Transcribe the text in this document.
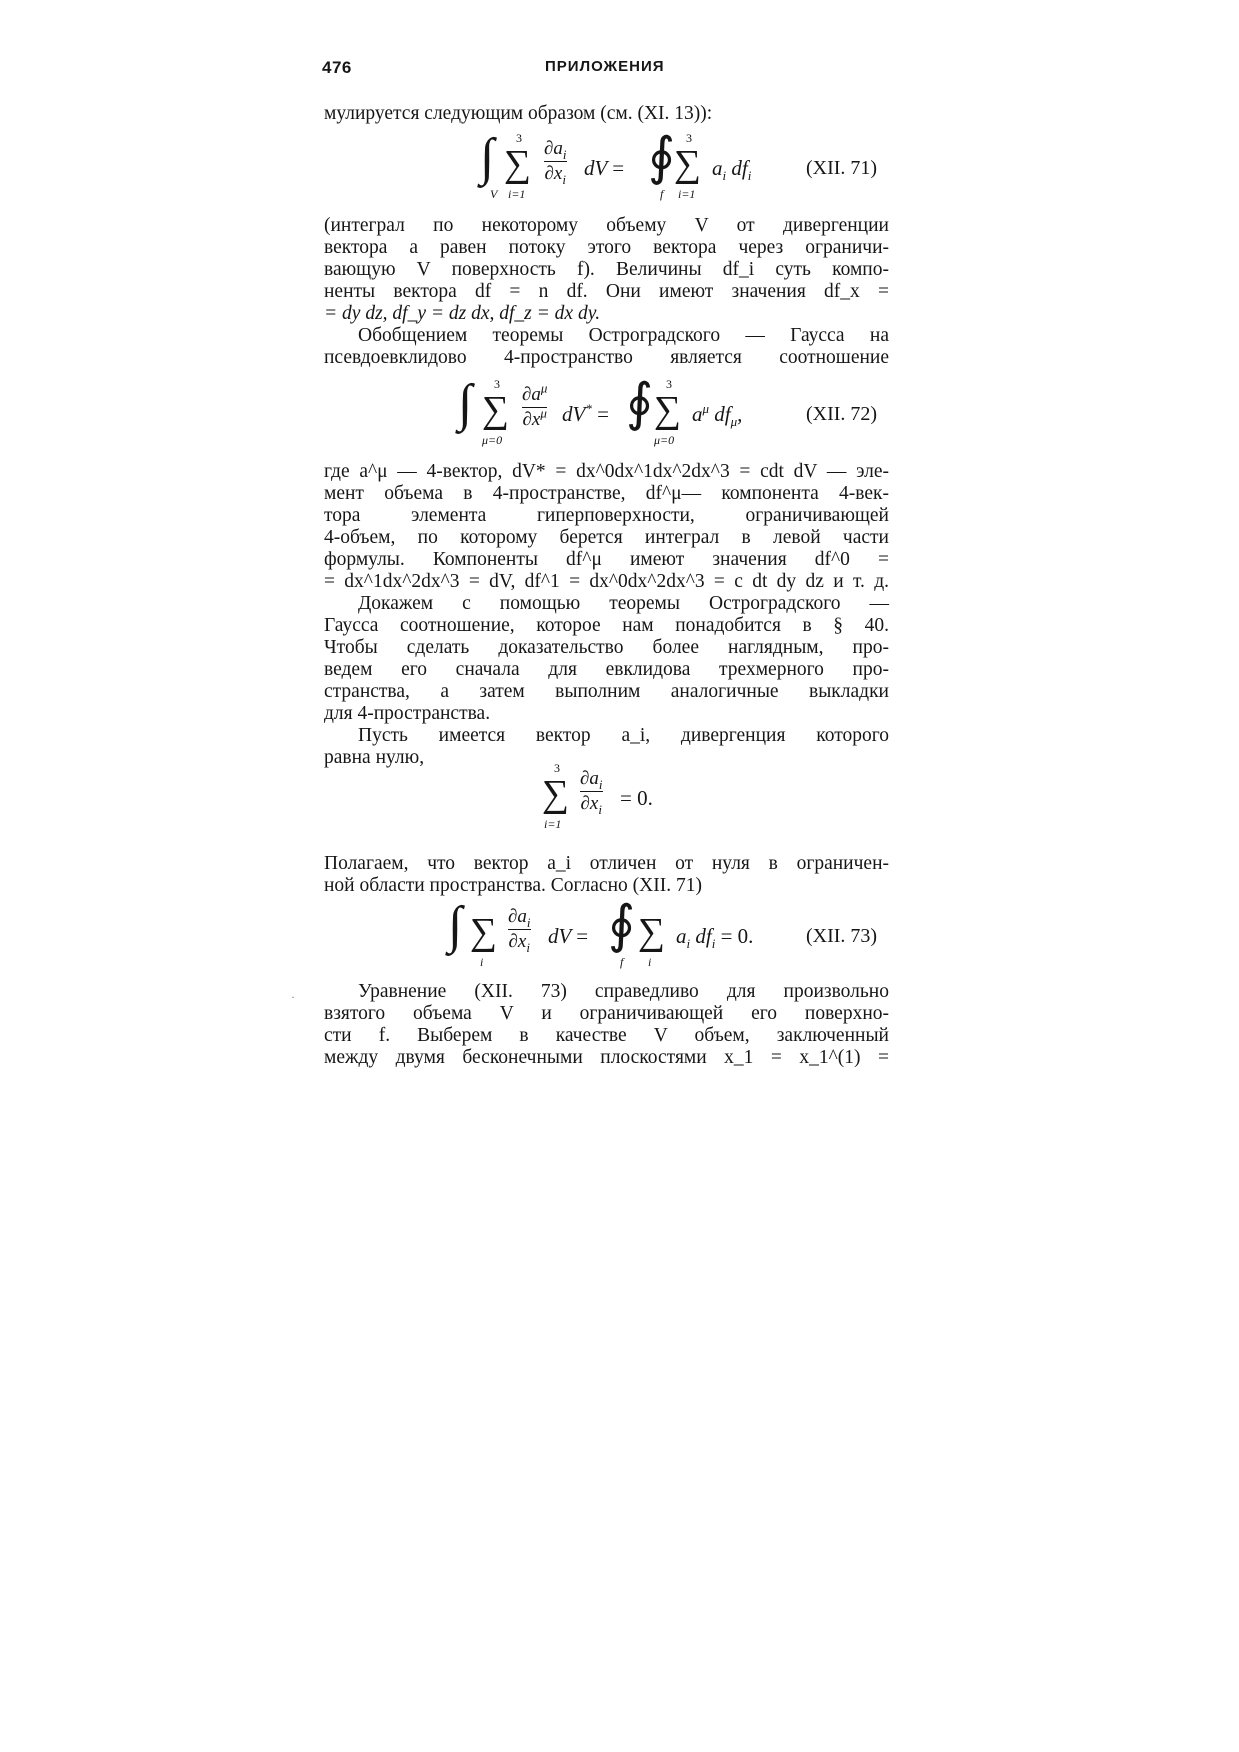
476	ПРИЛОЖЕНИЯ
мулируется следующим образом (см. (XI. 13)):
∫
V
3
∑
i=1
$\partial a_i$
$\partial x_i$ dV = ∮
f
3
∑
i=1
$a_i$ $df_i$	(XII. 71)
(интеграл по некоторому объему V от дивергенции
вектора a равен потоку этого вектора через ограничи-
вающую V поверхность f). Величины df_i суть компо-
ненты вектора df = n df. Они имеют значения df_x =
= dy dz, df_y = dz dx, df_z = dx dy.
Обобщением теоремы Остроградского — Гаусса на
псевдоевклидово 4-пространство является соотношение
∫ 3
∑
μ=0
$\partial a^\mu$
$\partial x^\mu$ dV* = ∮ 3
∑
μ=0
$a^\mu$ $df_\mu$,	(XII. 72)
где a^μ — 4-вектор, dV* = dx^0dx^1dx^2dx^3 = cdt dV — эле-
мент объема в 4-пространстве, df^μ— компонента 4-век-
тора элемента гиперповерхности, ограничивающей
4-объем, по которому берется интеграл в левой части
формулы. Компоненты df^μ имеют значения df^0 =
= dx^1dx^2dx^3 = dV, df^1 = dx^0dx^2dx^3 = c dt dy dz и т. д.
Докажем с помощью теоремы Остроградского —
Гаусса соотношение, которое нам понадобится в § 40.
Чтобы сделать доказательство более наглядным, про-
ведем его сначала для евклидова трехмерного про-
странства, а затем выполним аналогичные выкладки
для 4-пространства.
Пусть имеется вектор a_i, дивергенция которого
равна нулю,	3
∑
i=1
$\partial a_i$
$\partial x_i = 0$.
Полагаем, что вектор a_i отличен от нуля в ограничен-
ной области пространства. Согласно (XII. 71)
∫ ∑
i
$\partial a_i$
$\partial x_i$ dV = ∮
f
∑
i
$a_i$ $df_i = 0$.	(XII. 73)
·	Уравнение (XII. 73) справедливо для произвольно
взятого объема V и ограничивающей его поверхно-
сти f. Выберем в качестве V объем, заключенный
между двумя бесконечными плоскостями x_1 = x_1^(1) =
